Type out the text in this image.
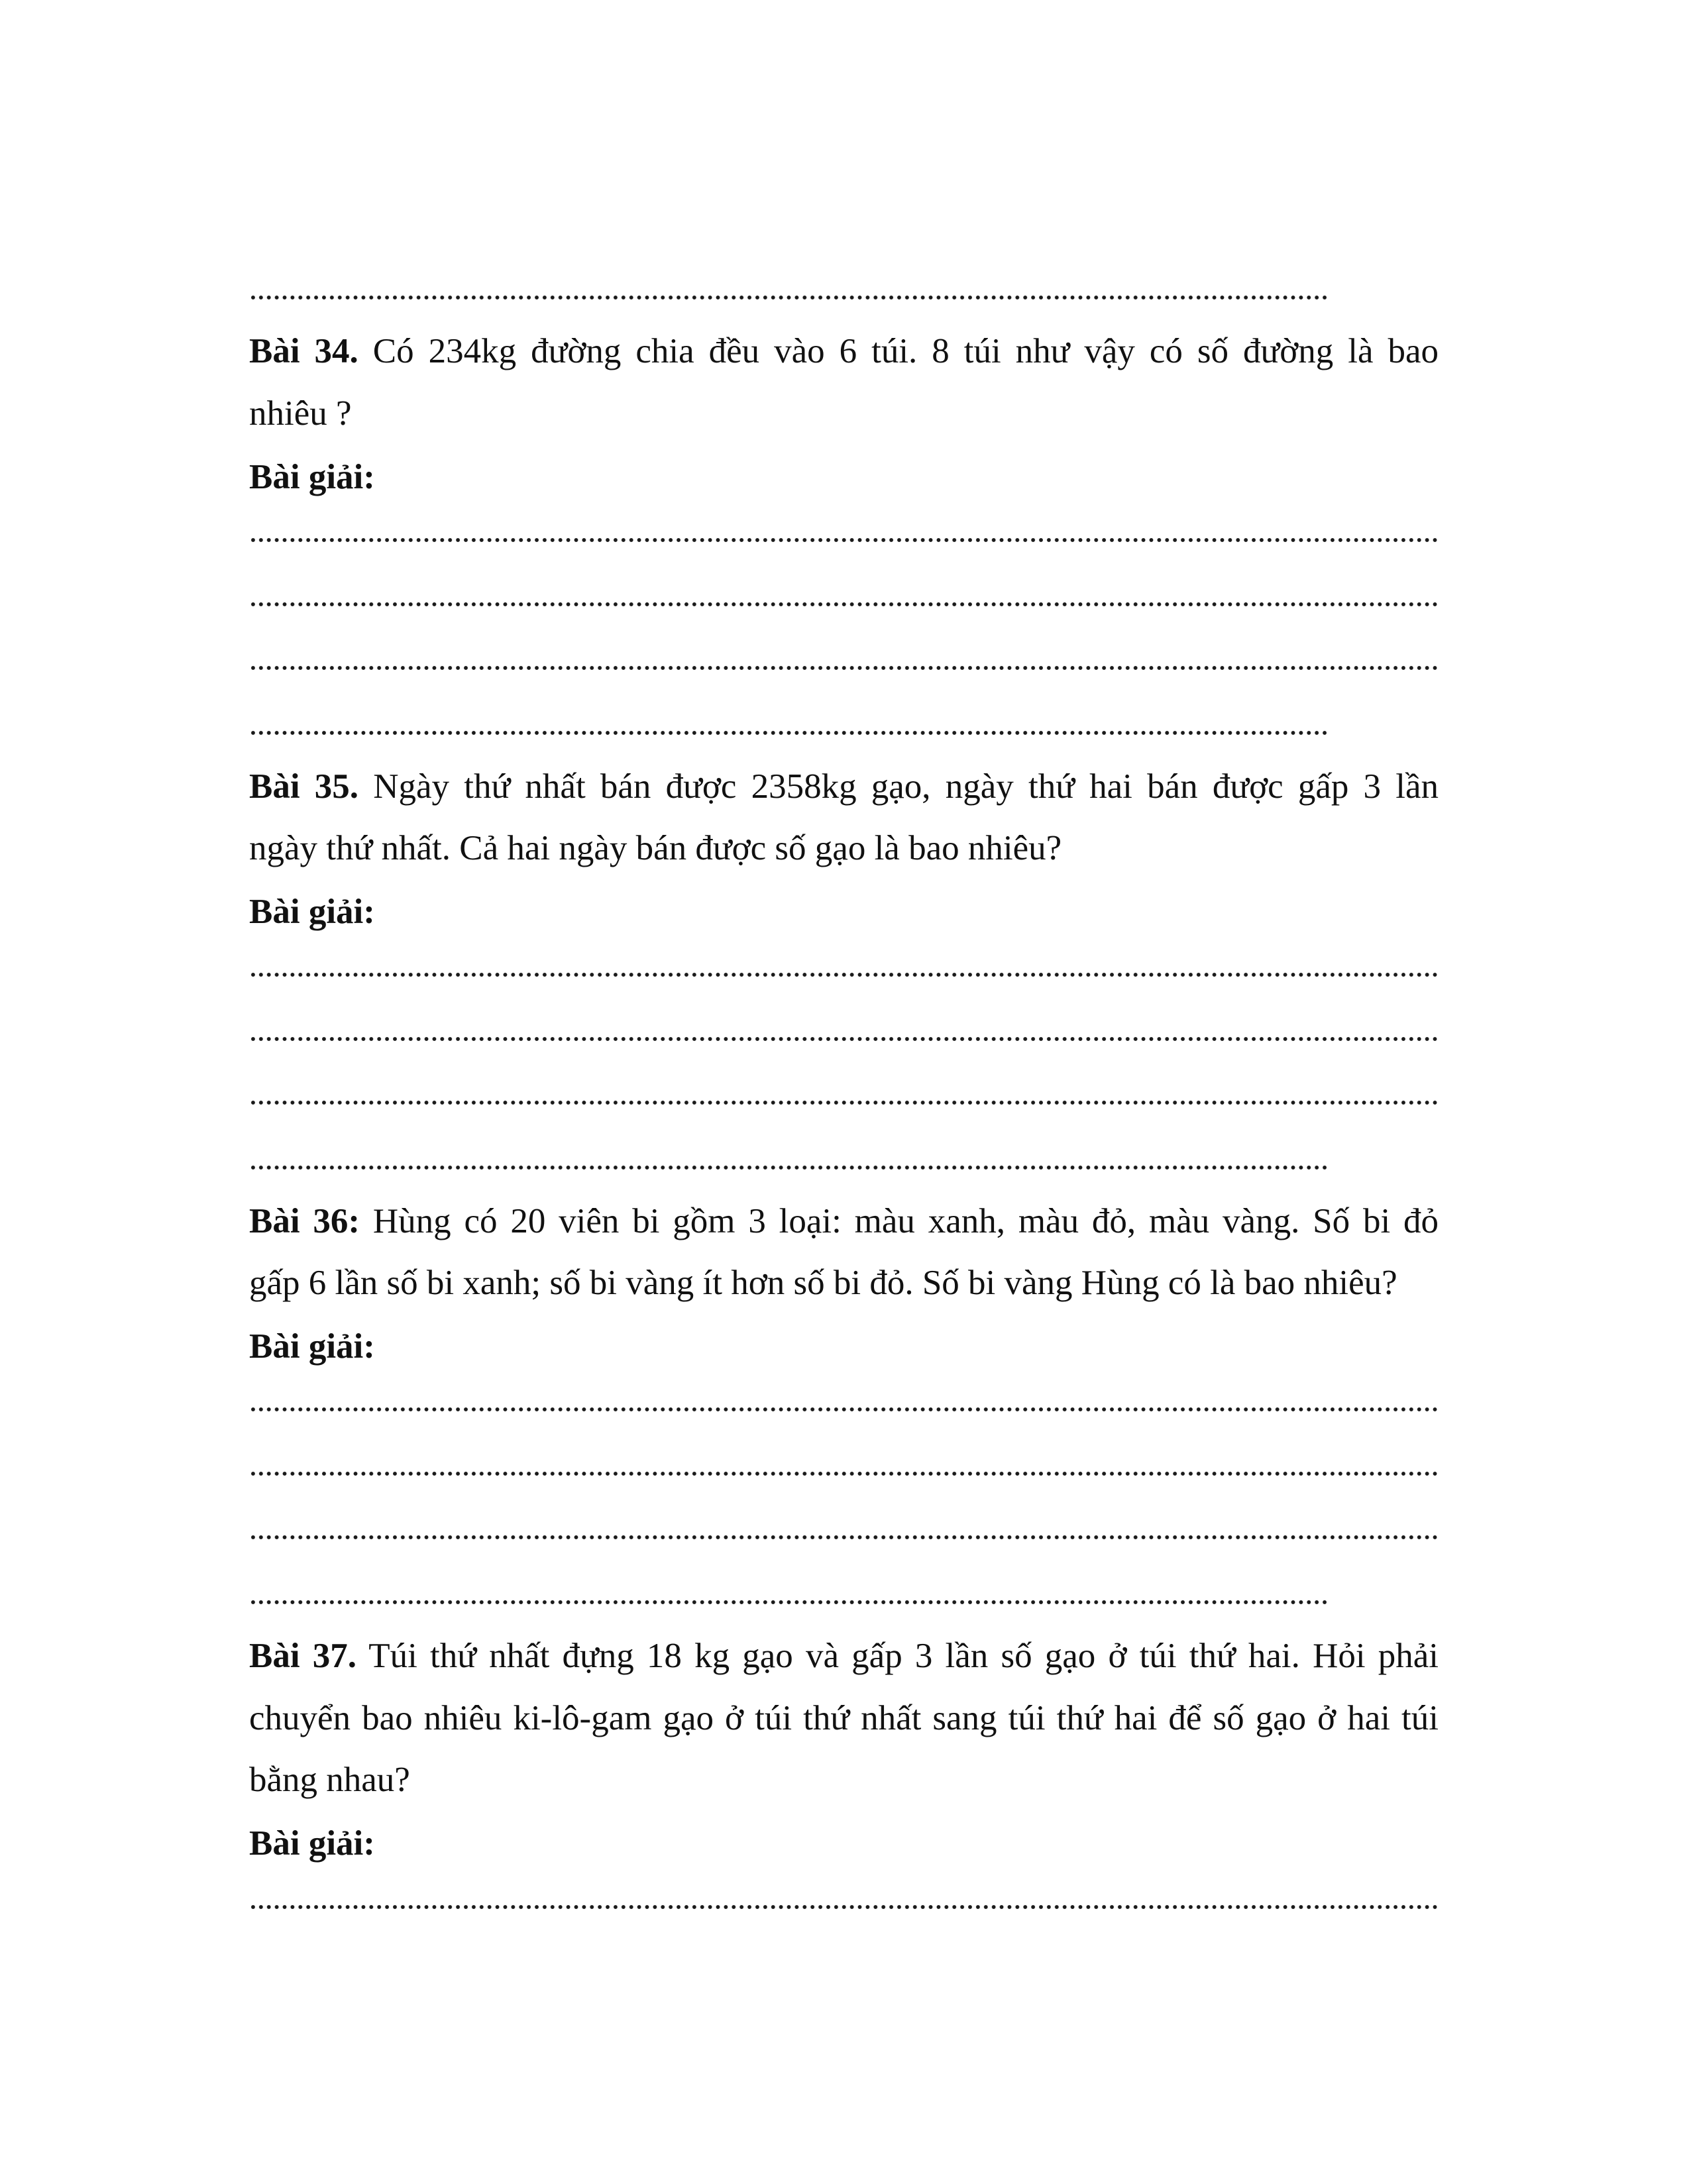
Bài 34. Có 234kg đường chia đều vào 6 túi. 8 túi như vậy có số đường là bao
nhiêu ?
Bài giải:
Bài 35. Ngày thứ nhất bán được 2358kg gạo, ngày thứ hai bán được gấp 3 lần
ngày thứ nhất. Cả hai ngày bán được số gạo là bao nhiêu?
Bài giải:
Bài 36: Hùng có 20 viên bi gồm 3 loại: màu xanh, màu đỏ, màu vàng. Số bi đỏ
gấp 6 lần số bi xanh; số bi vàng ít hơn số bi đỏ. Số bi vàng Hùng có là bao nhiêu?
Bài giải:
Bài 37. Túi thứ nhất đựng 18 kg gạo và gấp 3 lần số gạo ở túi thứ hai. Hỏi phải
chuyển bao nhiêu ki-lô-gam gạo ở túi thứ nhất sang túi thứ hai để số gạo ở hai túi
bằng nhau?
Bài giải:
